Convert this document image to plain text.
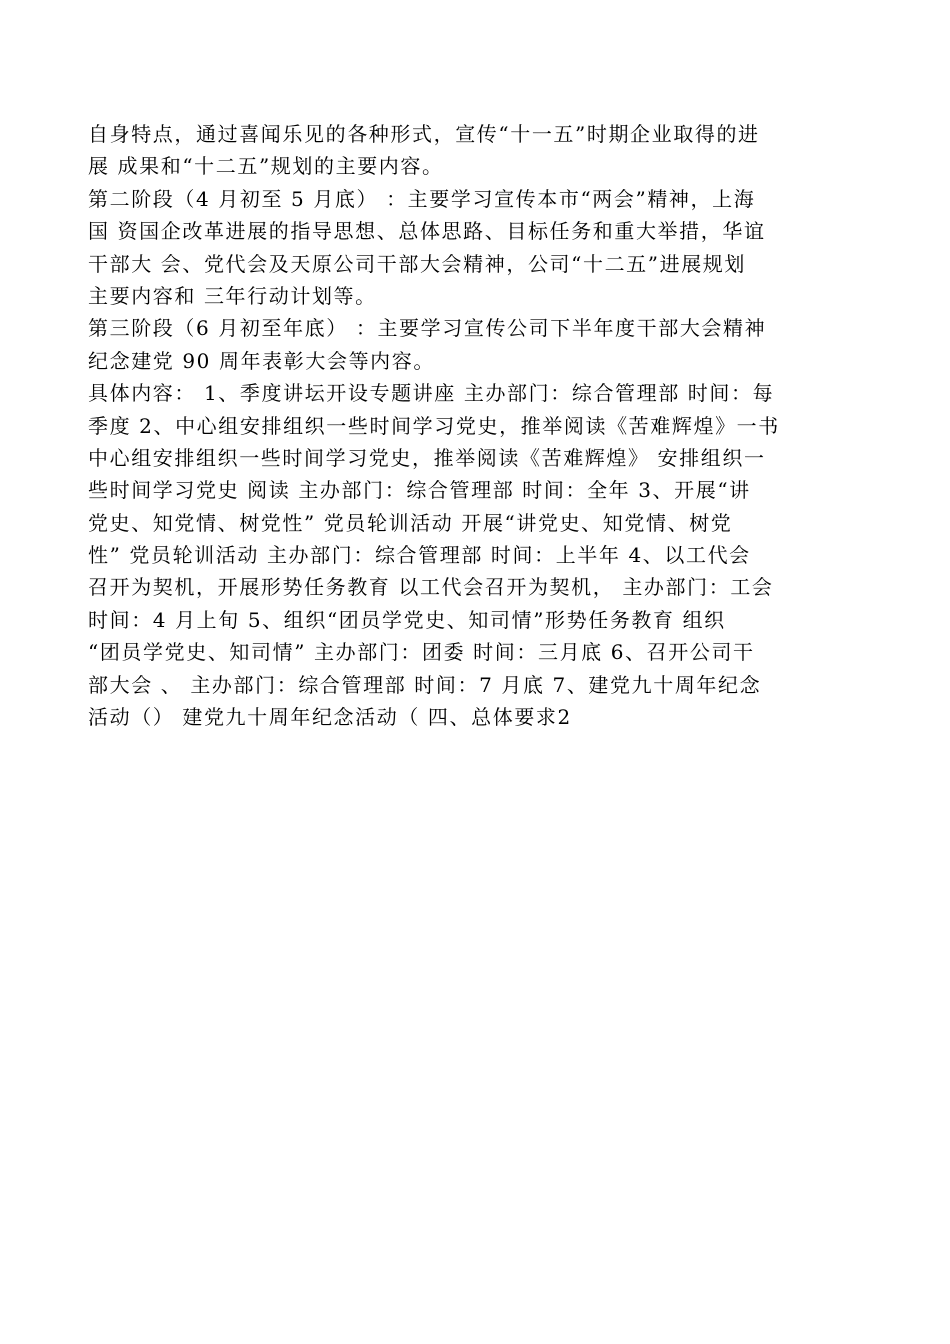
自身特点，通过喜闻乐见的各种形式，宣传“十一五”时期企业取得的进
展 成果和“十二五”规划的主要内容。
第二阶段（4 月初至 5 月底） ：主要学习宣传本市“两会”精神，上海
国 资国企改革进展的指导思想、总体思路、目标任务和重大举措，华谊
干部大 会、党代会及天原公司干部大会精神，公司“十二五”进展规划
主要内容和 三年行动计划等。
第三阶段（6 月初至年底） ：主要学习宣传公司下半年度干部大会精神
纪念建党 90 周年表彰大会等内容。
具体内容： 1、季度讲坛开设专题讲座 主办部门：综合管理部 时间：每
季度 2、中心组安排组织一些时间学习党史，推举阅读《苦难辉煌》一书
中心组安排组织一些时间学习党史，推举阅读《苦难辉煌》 安排组织一
些时间学习党史 阅读 主办部门：综合管理部 时间：全年 3、开展“讲
党史、知党情、树党性” 党员轮训活动 开展“讲党史、知党情、树党
性” 党员轮训活动 主办部门：综合管理部 时间：上半年 4、以工代会
召开为契机，开展形势任务教育 以工代会召开为契机， 主办部门：工会
时间：4 月上旬 5、组织“团员学党史、知司情”形势任务教育 组织
“团员学党史、知司情” 主办部门：团委 时间：三月底 6、召开公司干
部大会 、 主办部门：综合管理部 时间：7 月底 7、建党九十周年纪念
活动（） 建党九十周年纪念活动（ 四、总体要求2
